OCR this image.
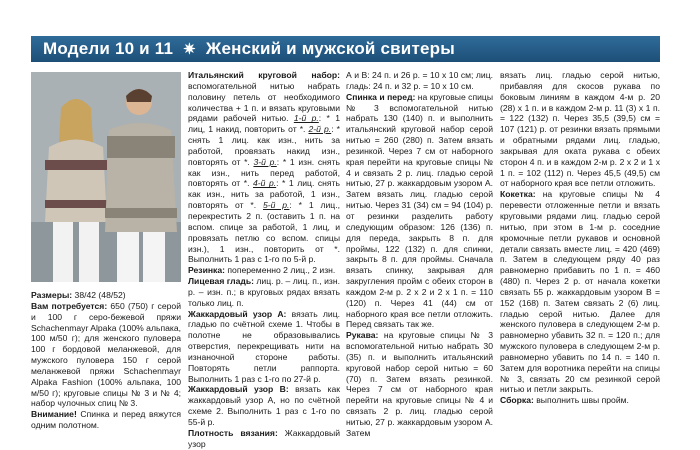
Модели 10 и 11 ✷ Женский и мужской свитеры

Размеры: 38/42 (48/52)

Вам потребуется: 650 (750) г серой и 100 г серо-бежевой пряжи Schachenmayr Alpaka (100% альпака, 100 м/50 г); для женского пуловера 100 г бордовой меланжевой, для мужского пуловера 150 г серой меланжевой пряжи Schachenmayr Alpaka Fashion (100% альпака, 100 м/50 г); круговые спицы № 3 и № 4; набор чулочных спиц № 3.

Внимание! Спинка и перед вяжутся одним полотном.

Итальянский круговой набор: вспомогательной нитью набрать половину петель от необходимого количества + 1 п. и вязать круговыми рядами рабочей нитью. 1-й р.: * 1 лиц, 1 накид, повторить от *. 2-й р.: * снять 1 лиц. как изн., нить за работой, провязать накид изн., повторять от *. 3-й р.: * 1 изн. снять как изн., нить перед работой, повторять от *. 4-й р.: * 1 лиц. снять как изн., нить за работой, 1 изн., повторять от *. 5-й р.: * 1 лиц., перекрестить 2 п. (оставить 1 п. на вспом. спице за работой, 1 лиц, и провязать петлю со вспом. спицы изн.), 1 изн., повторить от *. Выполнить 1 раз с 1-го по 5-й р.

Резинка: попеременно 2 лиц., 2 изн.

Лицевая гладь: лиц. р. – лиц. п., изн. р. – изн. п.; в круговых рядах вязать только лиц. п.

Жаккардовый узор А: вязать лиц. гладью по счётной схеме 1. Чтобы в полотне не образовывались отверстия, перекрещивать нити на изнаночной стороне работы. Повторять петли раппорта. Выполнить 1 раз с 1-го по 27-й р.

Жаккардовый узор В: вязать как жаккардовый узор А, но по счётной схеме 2. Выполнить 1 раз с 1-го по 55-й р.

Плотность вязания: Жаккардовый узор

А и В: 24 п. и 26 р. = 10 х 10 см; лиц. гладь: 24 п. и 32 р. = 10 х 10 см.

Спинка и перед: на круговые спицы № 3 вспомогательной нитью набрать 130 (140) п. и выполнить итальянский круговой набор серой нитью = 260 (280) п. Затем вязать резинкой. Через 7 см от наборного края перейти на круговые спицы № 4 и связать 2 р. лиц. гладью серой нитью, 27 р. жаккардовым узором А. Затем вязать лиц. гладью серой нитью. Через 31 (34) см = 94 (104) р. от резинки разделить работу следующим образом: 126 (136) п. для переда, закрыть 8 п. для проймы, 122 (132) п. для спинки, закрыть 8 п. для проймы. Сначала вязать спинку, закрывая для закругления пройм с обеих сторон в каждом 2-м р. 2 х 2 и 2 х 1 п. = 110 (120) п. Через 41 (44) см от наборного края все петли отложить. Перед связать так же.

Рукава: на круговые спицы № 3 вспомогательной нитью набрать 30 (35) п. и выполнить итальянский круговой набор серой нитью = 60 (70) п. Затем вязать резинкой. Через 7 см от наборного края перейти на круговые спицы № 4 и связать 2 р. лиц. гладью серой нитью, 27 р. жаккардовым узором А. Затем

вязать лиц. гладью серой нитью, прибавляя для скосов рукава по боковым линиям в каждом 4-м р. 20 (28) х 1 п. и в каждом 2-м р. 11 (3) х 1 п. = 122 (132) п. Через 35,5 (39,5) см = 107 (121) р. от резинки вязать прямыми и обратными рядами лиц. гладью, закрывая для окатa рукава с обеих сторон 4 п. и в каждом 2-м р. 2 х 2 и 1 х 1 п. = 102 (112) п. Через 45,5 (49,5) см от наборного края все петли отложить.

Кокетка: на круговые спицы № 4 перевести отложенные петли и вязать круговыми рядами лиц. гладью серой нитью, при этом в 1-м р. соседние кромочные петли рукавов и основной детали связать вместе лиц. = 420 (469) п. Затем в следующем ряду 40 раз равномерно прибавить по 1 п. = 460 (480) п. Через 2 р. от начала кокетки связать 55 р. жаккардовым узором В = 152 (168) п. Затем связать 2 (6) лиц. гладью серой нитью. Далее для женского пуловера в следующем 2-м р. равномерно убавить 32 п. = 120 п.; для мужского пуловера в следующем 2-м р. равномерно убавить по 14 п. = 140 п. Затем для воротника перейти на спицы № 3, связать 20 см резинкой серой нитью и петли закрыть.

Сборка: выполнить швы пройм.
